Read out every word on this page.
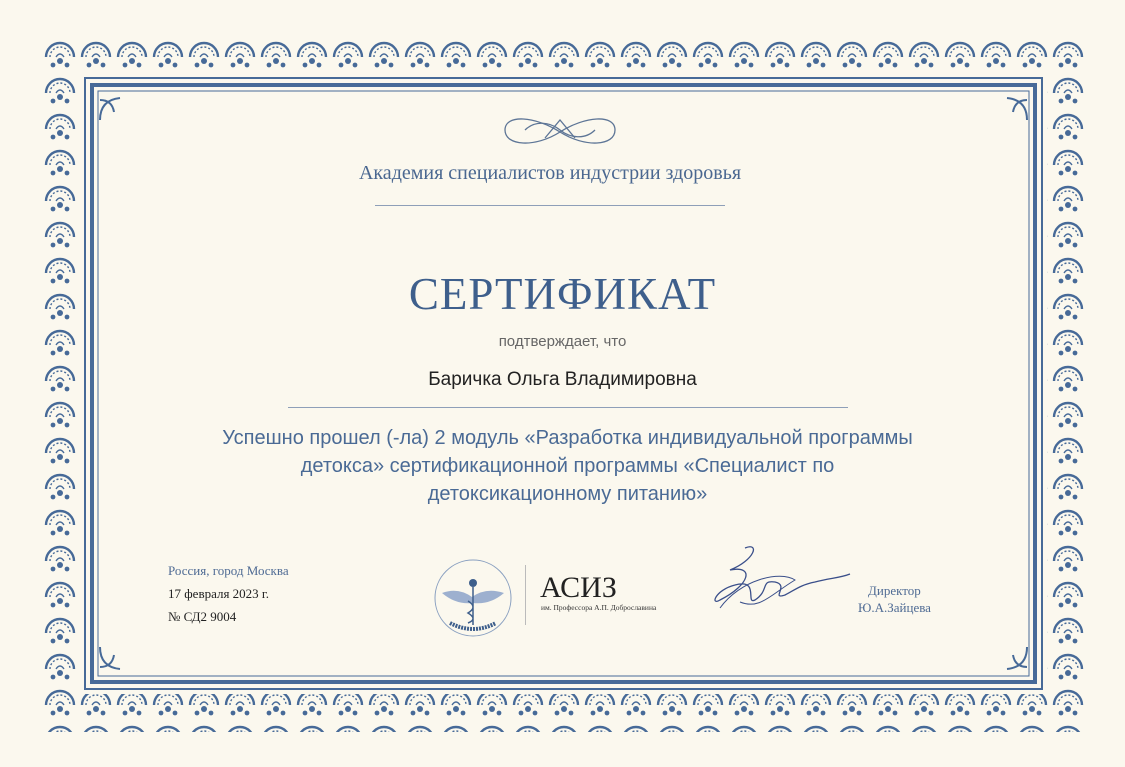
Академия специалистов индустрии здоровья
СЕРТИФИКАТ
подтверждает, что
Баричка Ольга Владимировна
Успешно прошел (-ла) 2 модуль «Разработка индивидуальной программы
детокса» сертификационной программы «Специалист по
детоксикационному питанию»
Россия, город Москва
17 февраля 2023 г.
№ СД2 9004
АСИЗ
им. Профессора А.П. Доброславина
Директор
Ю.А.Зайцева
